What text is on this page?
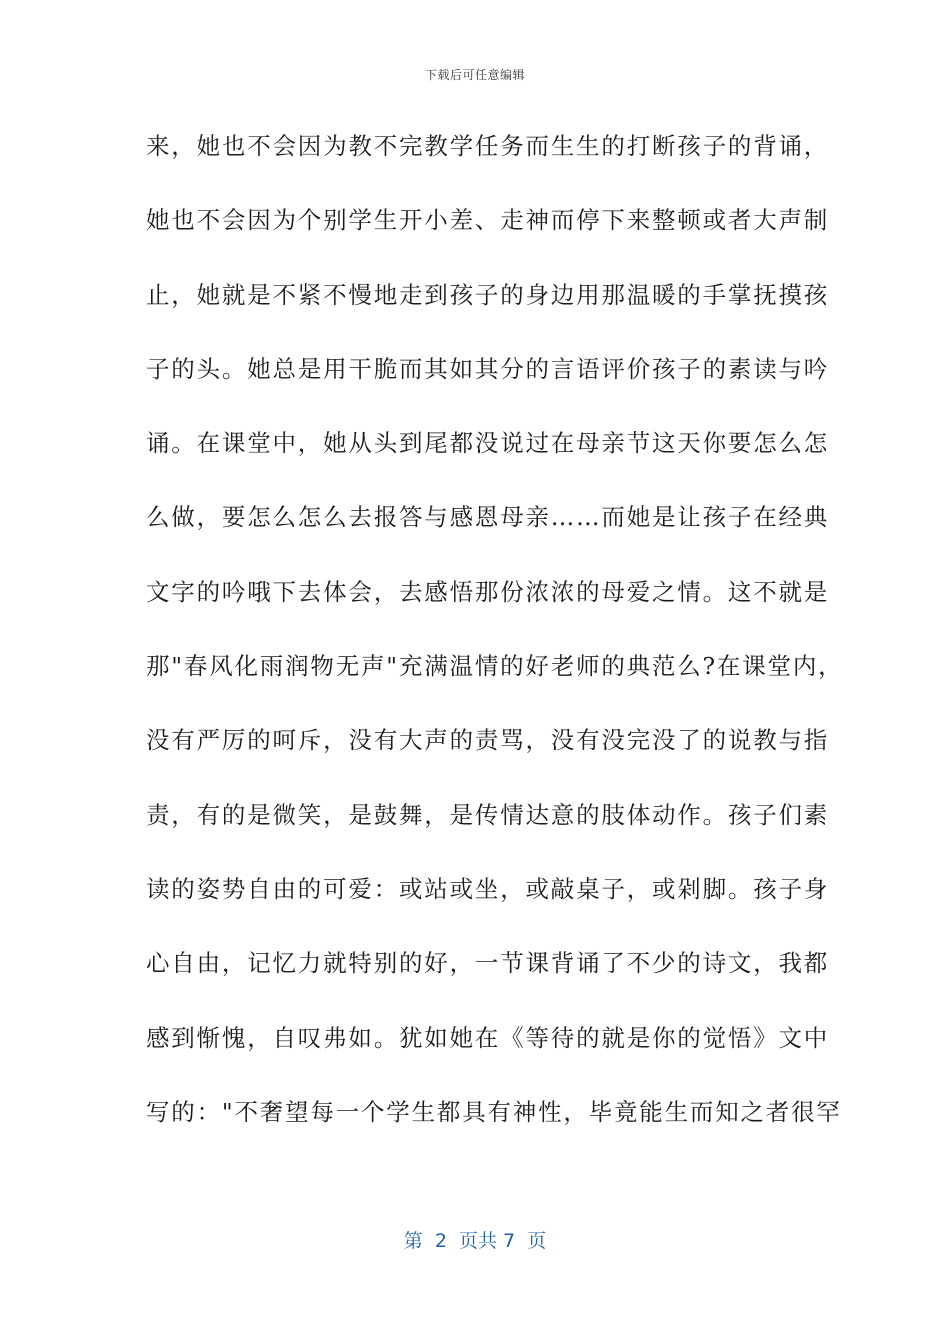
下载后可任意编辑
来，她也不会因为教不完教学任务而生生的打断孩子的背诵，
她也不会因为个别学生开小差、走神而停下来整顿或者大声制
止，她就是不紧不慢地走到孩子的身边用那温暖的手掌抚摸孩
子的头。她总是用干脆而其如其分的言语评价孩子的素读与吟
诵。在课堂中，她从头到尾都没说过在母亲节这天你要怎么怎
么做，要怎么怎么去报答与感恩母亲……而她是让孩子在经典
文字的吟哦下去体会，去感悟那份浓浓的母爱之情。这不就是
那"春风化雨润物无声"充满温情的好老师的典范么?在课堂内，
没有严厉的呵斥，没有大声的责骂，没有没完没了的说教与指
责，有的是微笑，是鼓舞，是传情达意的肢体动作。孩子们素
读的姿势自由的可爱：或站或坐，或敲桌子，或剁脚。孩子身
心自由，记忆力就特别的好，一节课背诵了不少的诗文，我都
感到惭愧，自叹弗如。犹如她在《等待的就是你的觉悟》文中
写的："不奢望每一个学生都具有神性，毕竟能生而知之者很罕
第  2  页共 7  页
